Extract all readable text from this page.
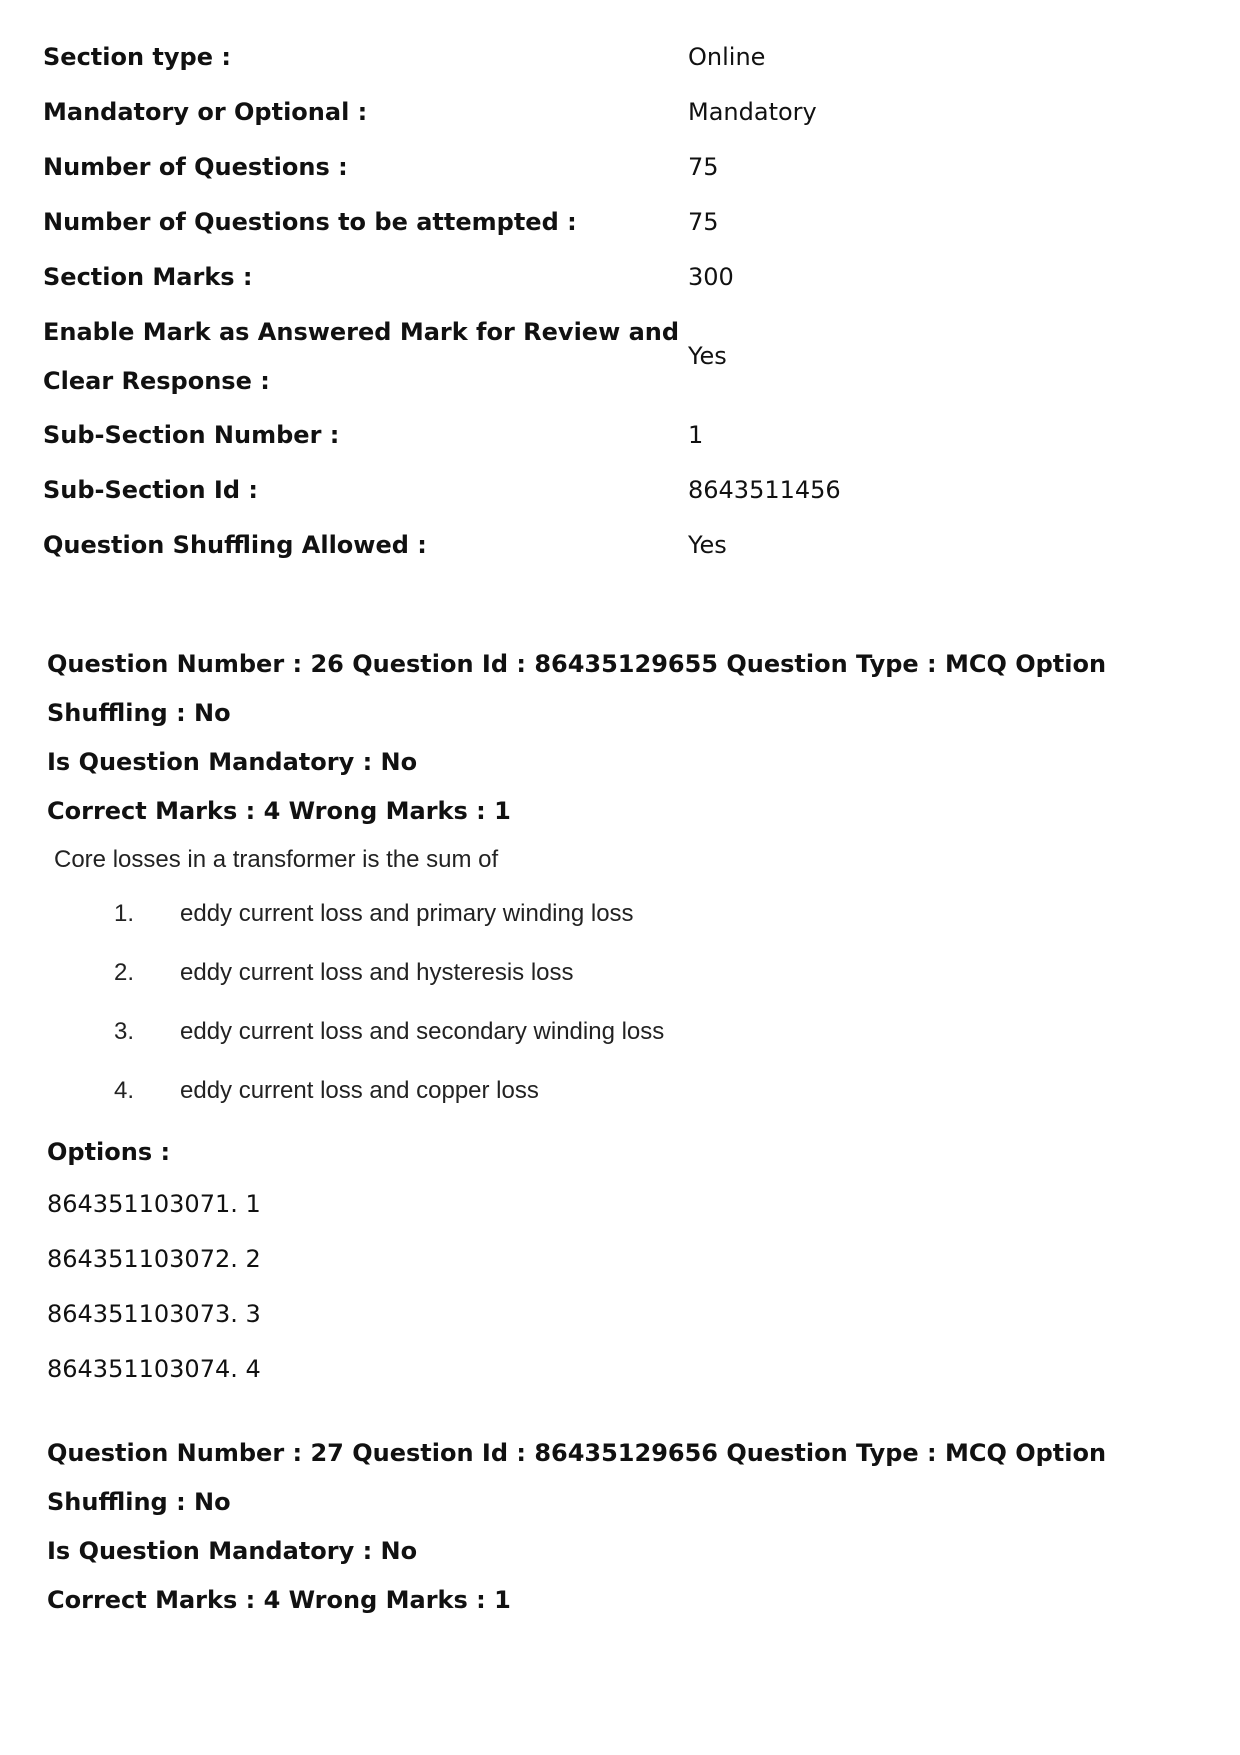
Section type :	Online
Mandatory or Optional :	Mandatory
Number of Questions :	75
Number of Questions to be attempted :	75
Section Marks :	300
Enable Mark as Answered Mark for Review and
Clear Response :
Yes
Sub-Section Number :	1
Sub-Section Id :	8643511456
Question Shuffling Allowed :	Yes

Question Number : 26 Question Id : 86435129655 Question Type : MCQ Option Shuffling : No

Is Question Mandatory : No

Correct Marks : 4 Wrong Marks : 1

Core losses in a transformer is the sum of

1.	eddy current loss and primary winding loss
2.	eddy current loss and hysteresis loss
3.	eddy current loss and secondary winding loss
4.	eddy current loss and copper loss

Options :

864351103071. 1
864351103072. 2
864351103073. 3
864351103074. 4

Question Number : 27 Question Id : 86435129656 Question Type : MCQ Option Shuffling : No

Is Question Mandatory : No

Correct Marks : 4 Wrong Marks : 1
